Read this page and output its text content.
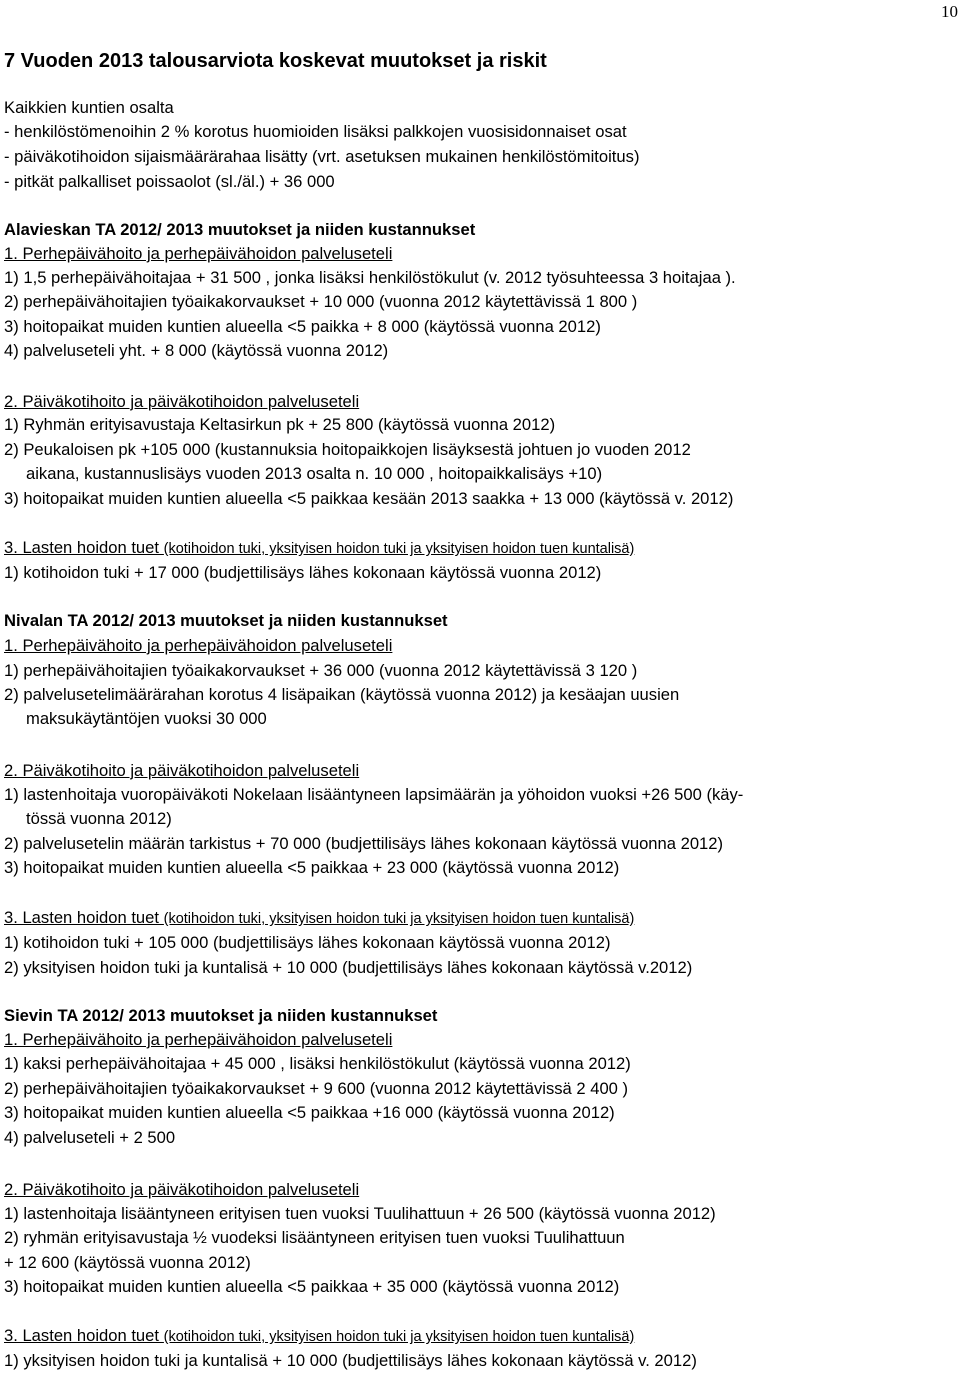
10
7 Vuoden 2013 talousarviota koskevat muutokset ja riskit
Kaikkien kuntien osalta
- henkilöstömenoihin 2 % korotus huomioiden lisäksi palkkojen vuosisidonnaiset osat
- päiväkotihoidon sijaismäärärahaa lisätty (vrt. asetuksen mukainen henkilöstömitoitus)
- pitkät palkalliset poissaolot (sl./äl.) + 36 000
Alavieskan TA 2012/ 2013 muutokset ja niiden kustannukset
1. Perhepäivähoito ja perhepäivähoidon palveluseteli
1) 1,5 perhepäivähoitajaa + 31 500 , jonka lisäksi henkilöstökulut (v. 2012 työsuhteessa 3 hoitajaa ).
2) perhepäivähoitajien työaikakorvaukset + 10 000 (vuonna 2012 käytettävissä 1 800 )
3) hoitopaikat muiden kuntien alueella <5 paikka + 8 000 (käytössä vuonna 2012)
4) palveluseteli yht. + 8 000 (käytössä vuonna 2012)
2. Päiväkotihoito ja päiväkotihoidon palveluseteli
1) Ryhmän erityisavustaja Keltasirkun pk + 25 800 (käytössä vuonna 2012)
2) Peukaloisen pk +105 000 (kustannuksia hoitopaikkojen lisäyksestä johtuen jo vuoden 2012
aikana, kustannuslisäys vuoden 2013 osalta n. 10 000 , hoitopaikkalisäys +10)
3) hoitopaikat muiden kuntien alueella <5 paikkaa kesään 2013 saakka + 13 000 (käytössä v. 2012)
3. Lasten hoidon tuet (kotihoidon tuki, yksityisen hoidon tuki ja yksityisen hoidon tuen kuntalisä)
1) kotihoidon tuki + 17 000 (budjettilisäys lähes kokonaan käytössä vuonna 2012)
Nivalan TA 2012/ 2013 muutokset ja niiden kustannukset
1. Perhepäivähoito ja perhepäivähoidon palveluseteli
1) perhepäivähoitajien työaikakorvaukset + 36 000 (vuonna 2012 käytettävissä 3 120 )
2) palvelusetelimäärärahan korotus 4 lisäpaikan (käytössä vuonna 2012) ja kesäajan uusien
maksukäytäntöjen vuoksi 30 000
2. Päiväkotihoito ja päiväkotihoidon palveluseteli
1) lastenhoitaja vuoropäiväkoti Nokelaan lisääntyneen lapsimäärän ja yöhoidon vuoksi +26 500 (käy-
tössä vuonna 2012)
2) palvelusetelin määrän tarkistus + 70 000 (budjettilisäys lähes kokonaan käytössä vuonna 2012)
3) hoitopaikat muiden kuntien alueella <5 paikkaa + 23 000 (käytössä vuonna 2012)
3. Lasten hoidon tuet (kotihoidon tuki, yksityisen hoidon tuki ja yksityisen hoidon tuen kuntalisä)
1) kotihoidon tuki + 105 000 (budjettilisäys lähes kokonaan käytössä vuonna 2012)
2) yksityisen hoidon tuki ja kuntalisä + 10 000 (budjettilisäys lähes kokonaan käytössä v.2012)
Sievin TA 2012/ 2013 muutokset ja niiden kustannukset
1. Perhepäivähoito ja perhepäivähoidon palveluseteli
1) kaksi perhepäivähoitajaa + 45 000 , lisäksi henkilöstökulut (käytössä vuonna 2012)
2) perhepäivähoitajien työaikakorvaukset + 9 600 (vuonna 2012 käytettävissä 2 400 )
3) hoitopaikat muiden kuntien alueella <5 paikkaa +16 000 (käytössä vuonna 2012)
4) palveluseteli + 2 500
2. Päiväkotihoito ja päiväkotihoidon palveluseteli
1) lastenhoitaja lisääntyneen erityisen tuen vuoksi Tuulihattuun + 26 500 (käytössä vuonna 2012)
2) ryhmän erityisavustaja ½ vuodeksi lisääntyneen erityisen tuen vuoksi Tuulihattuun
+ 12 600 (käytössä vuonna 2012)
3) hoitopaikat muiden kuntien alueella <5 paikkaa + 35 000 (käytössä vuonna 2012)
3. Lasten hoidon tuet (kotihoidon tuki, yksityisen hoidon tuki ja yksityisen hoidon tuen kuntalisä)
1) yksityisen hoidon tuki ja kuntalisä + 10 000 (budjettilisäys lähes kokonaan käytössä v. 2012)
